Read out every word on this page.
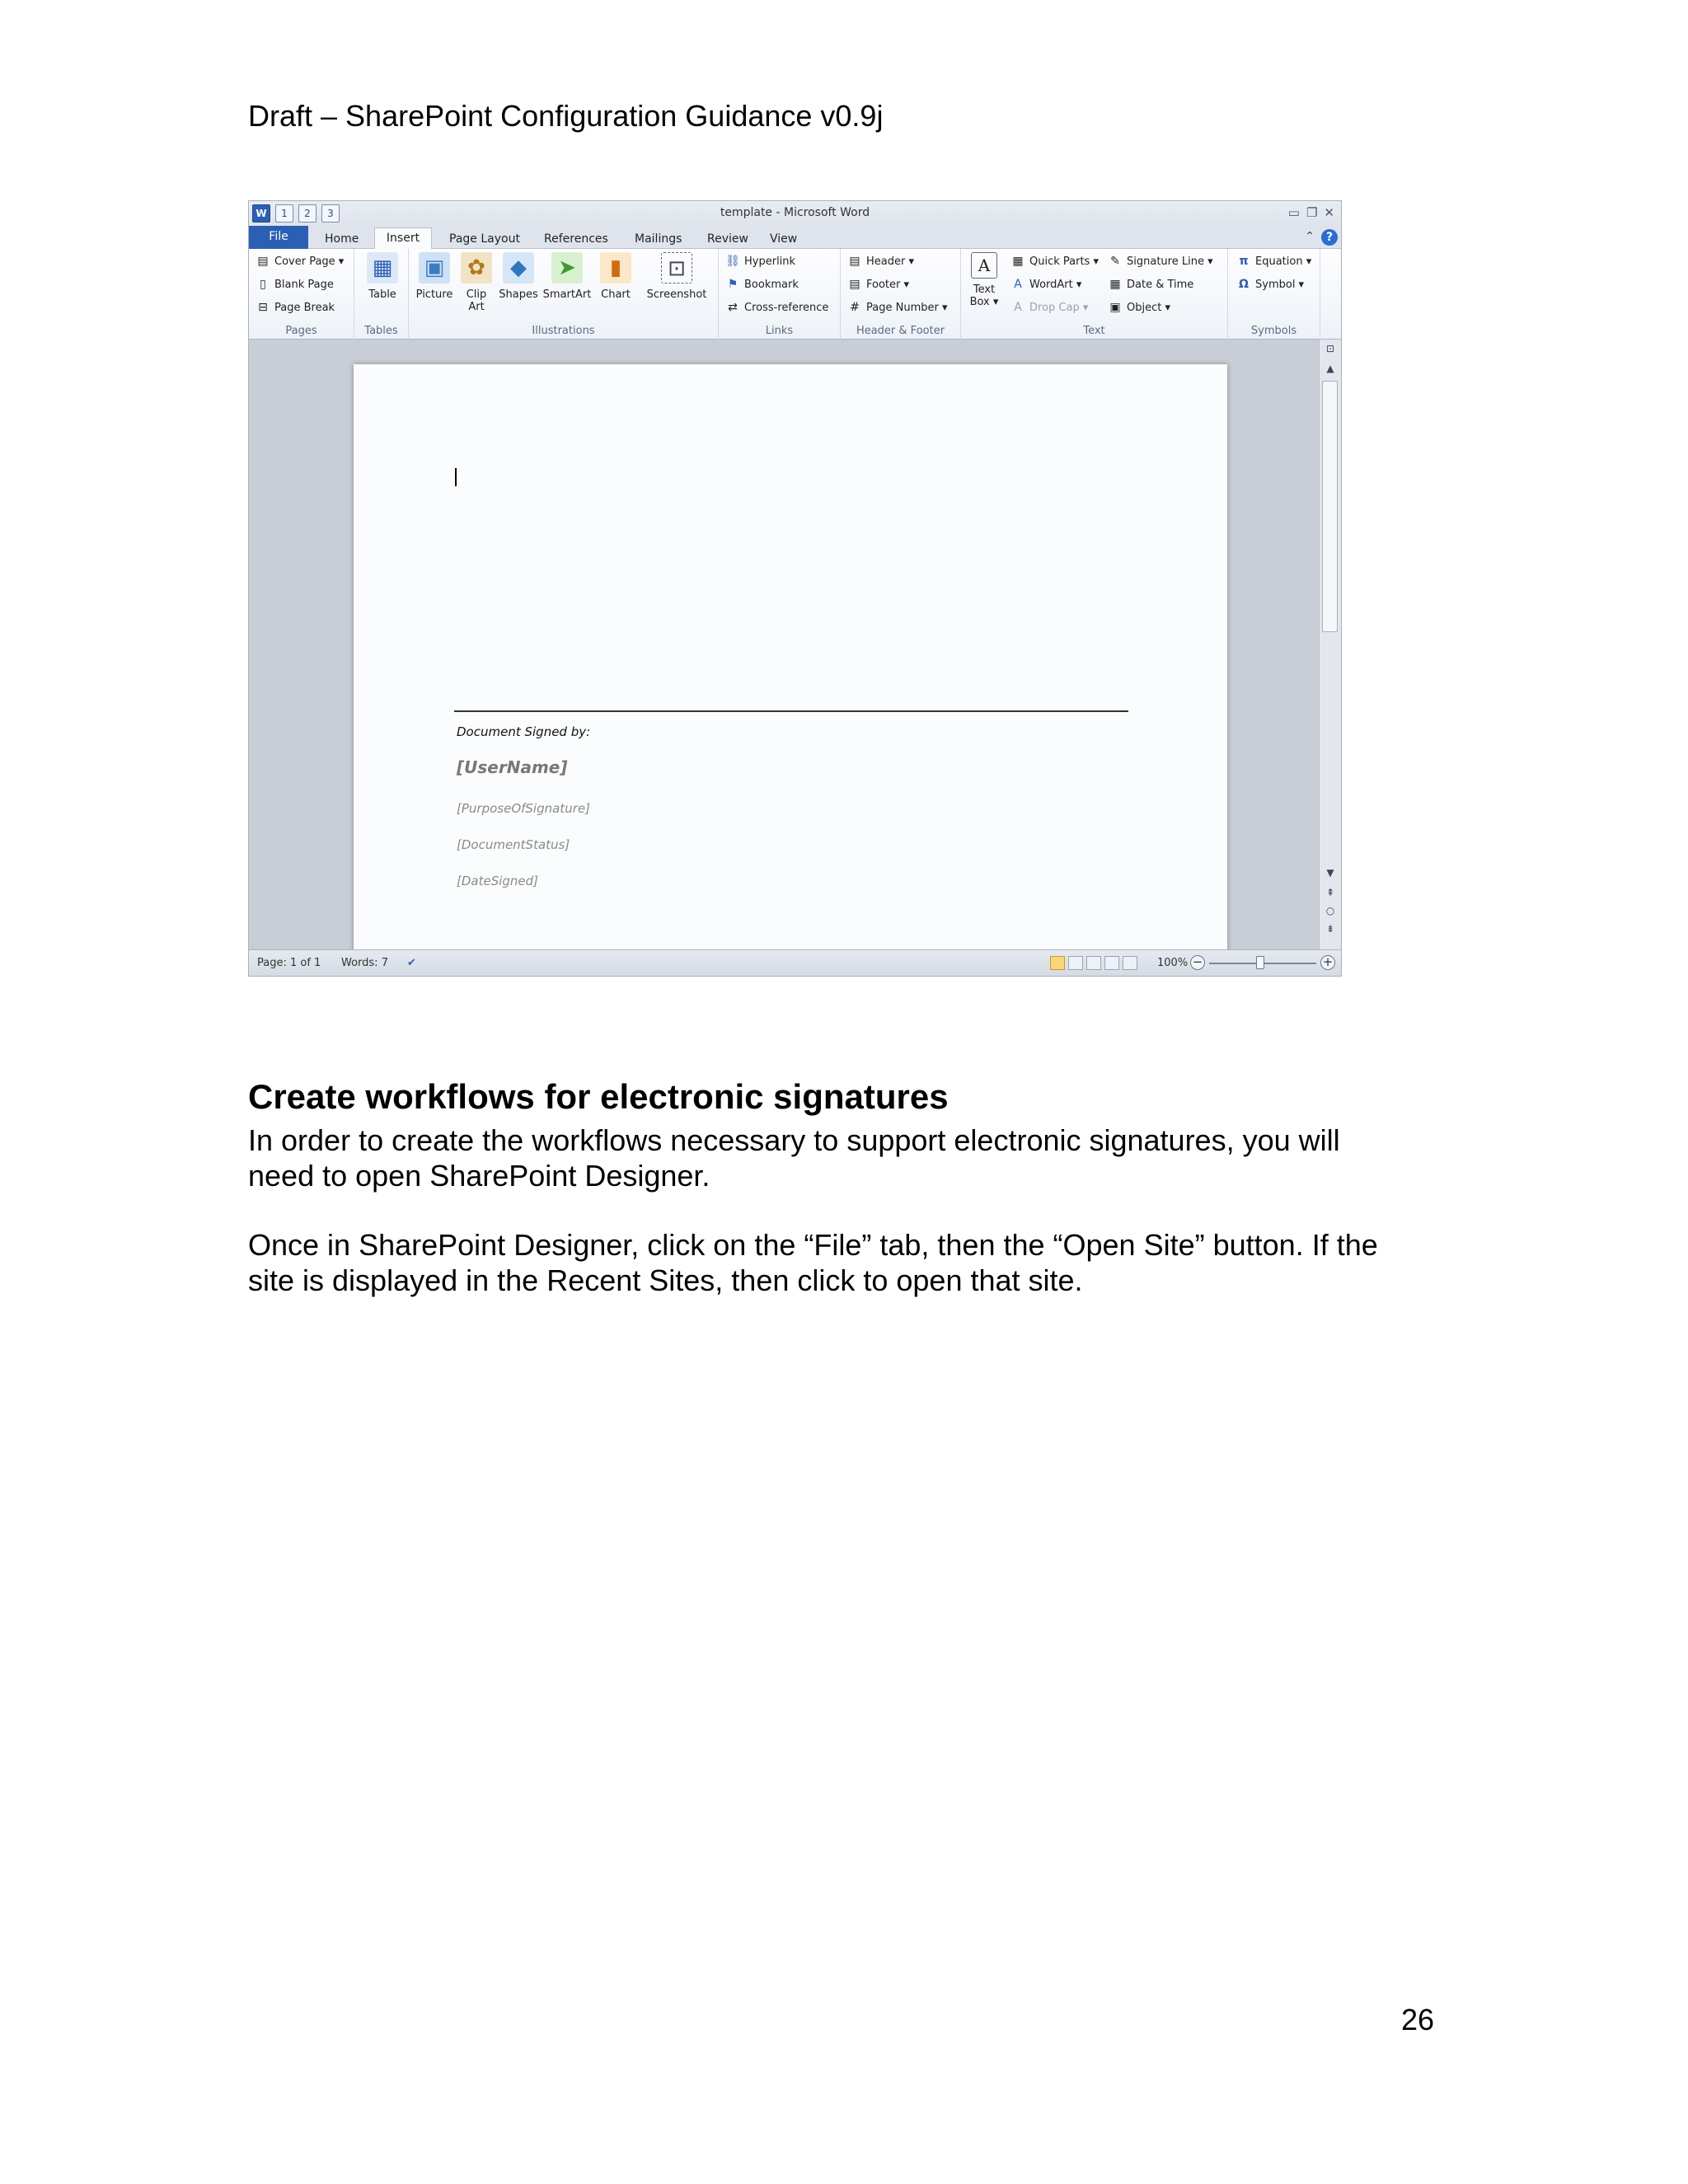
Draft – SharePoint Configuration Guidance v0.9j
W	1	2	3	template - Microsoft Word	▭ ❐ ✕
File	Home	Insert	Page Layout References Mailings Review View	⌃ ?
▤ Cover Page ▾
▯ Blank Page
⊟ Page Break
Pages
▦
Table
Tables
▣
Picture
✿
Clip Art
◆
Shapes
➤
SmartArt
▮
Chart
⊡
Screenshot
Illustrations
⛓ Hyperlink
⚑ Bookmark
⇄ Cross-reference
Links
▤ Header ▾
▤ Footer ▾
# Page Number ▾
Header & Footer
A
Text Box ▾
▦ Quick Parts ▾
A WordArt ▾
A Drop Cap ▾
✎ Signature Line ▾
▦ Date & Time
▣ Object ▾
Text
π Equation ▾
Ω Symbol ▾
Symbols
Document Signed by:
[UserName]
[PurposeOfSignature]
[DocumentStatus]
[DateSigned]
⊡
▲
▼
⇞
○
⇟
Page: 1 of 1 Words: 7 ✔	100% −	+
Create workflows for electronic signatures
In order to create the workflows necessary to support electronic signatures, you will
need to open SharePoint Designer.
Once in SharePoint Designer, click on the “File” tab, then the “Open Site” button. If the
site is displayed in the Recent Sites, then click to open that site.
26
